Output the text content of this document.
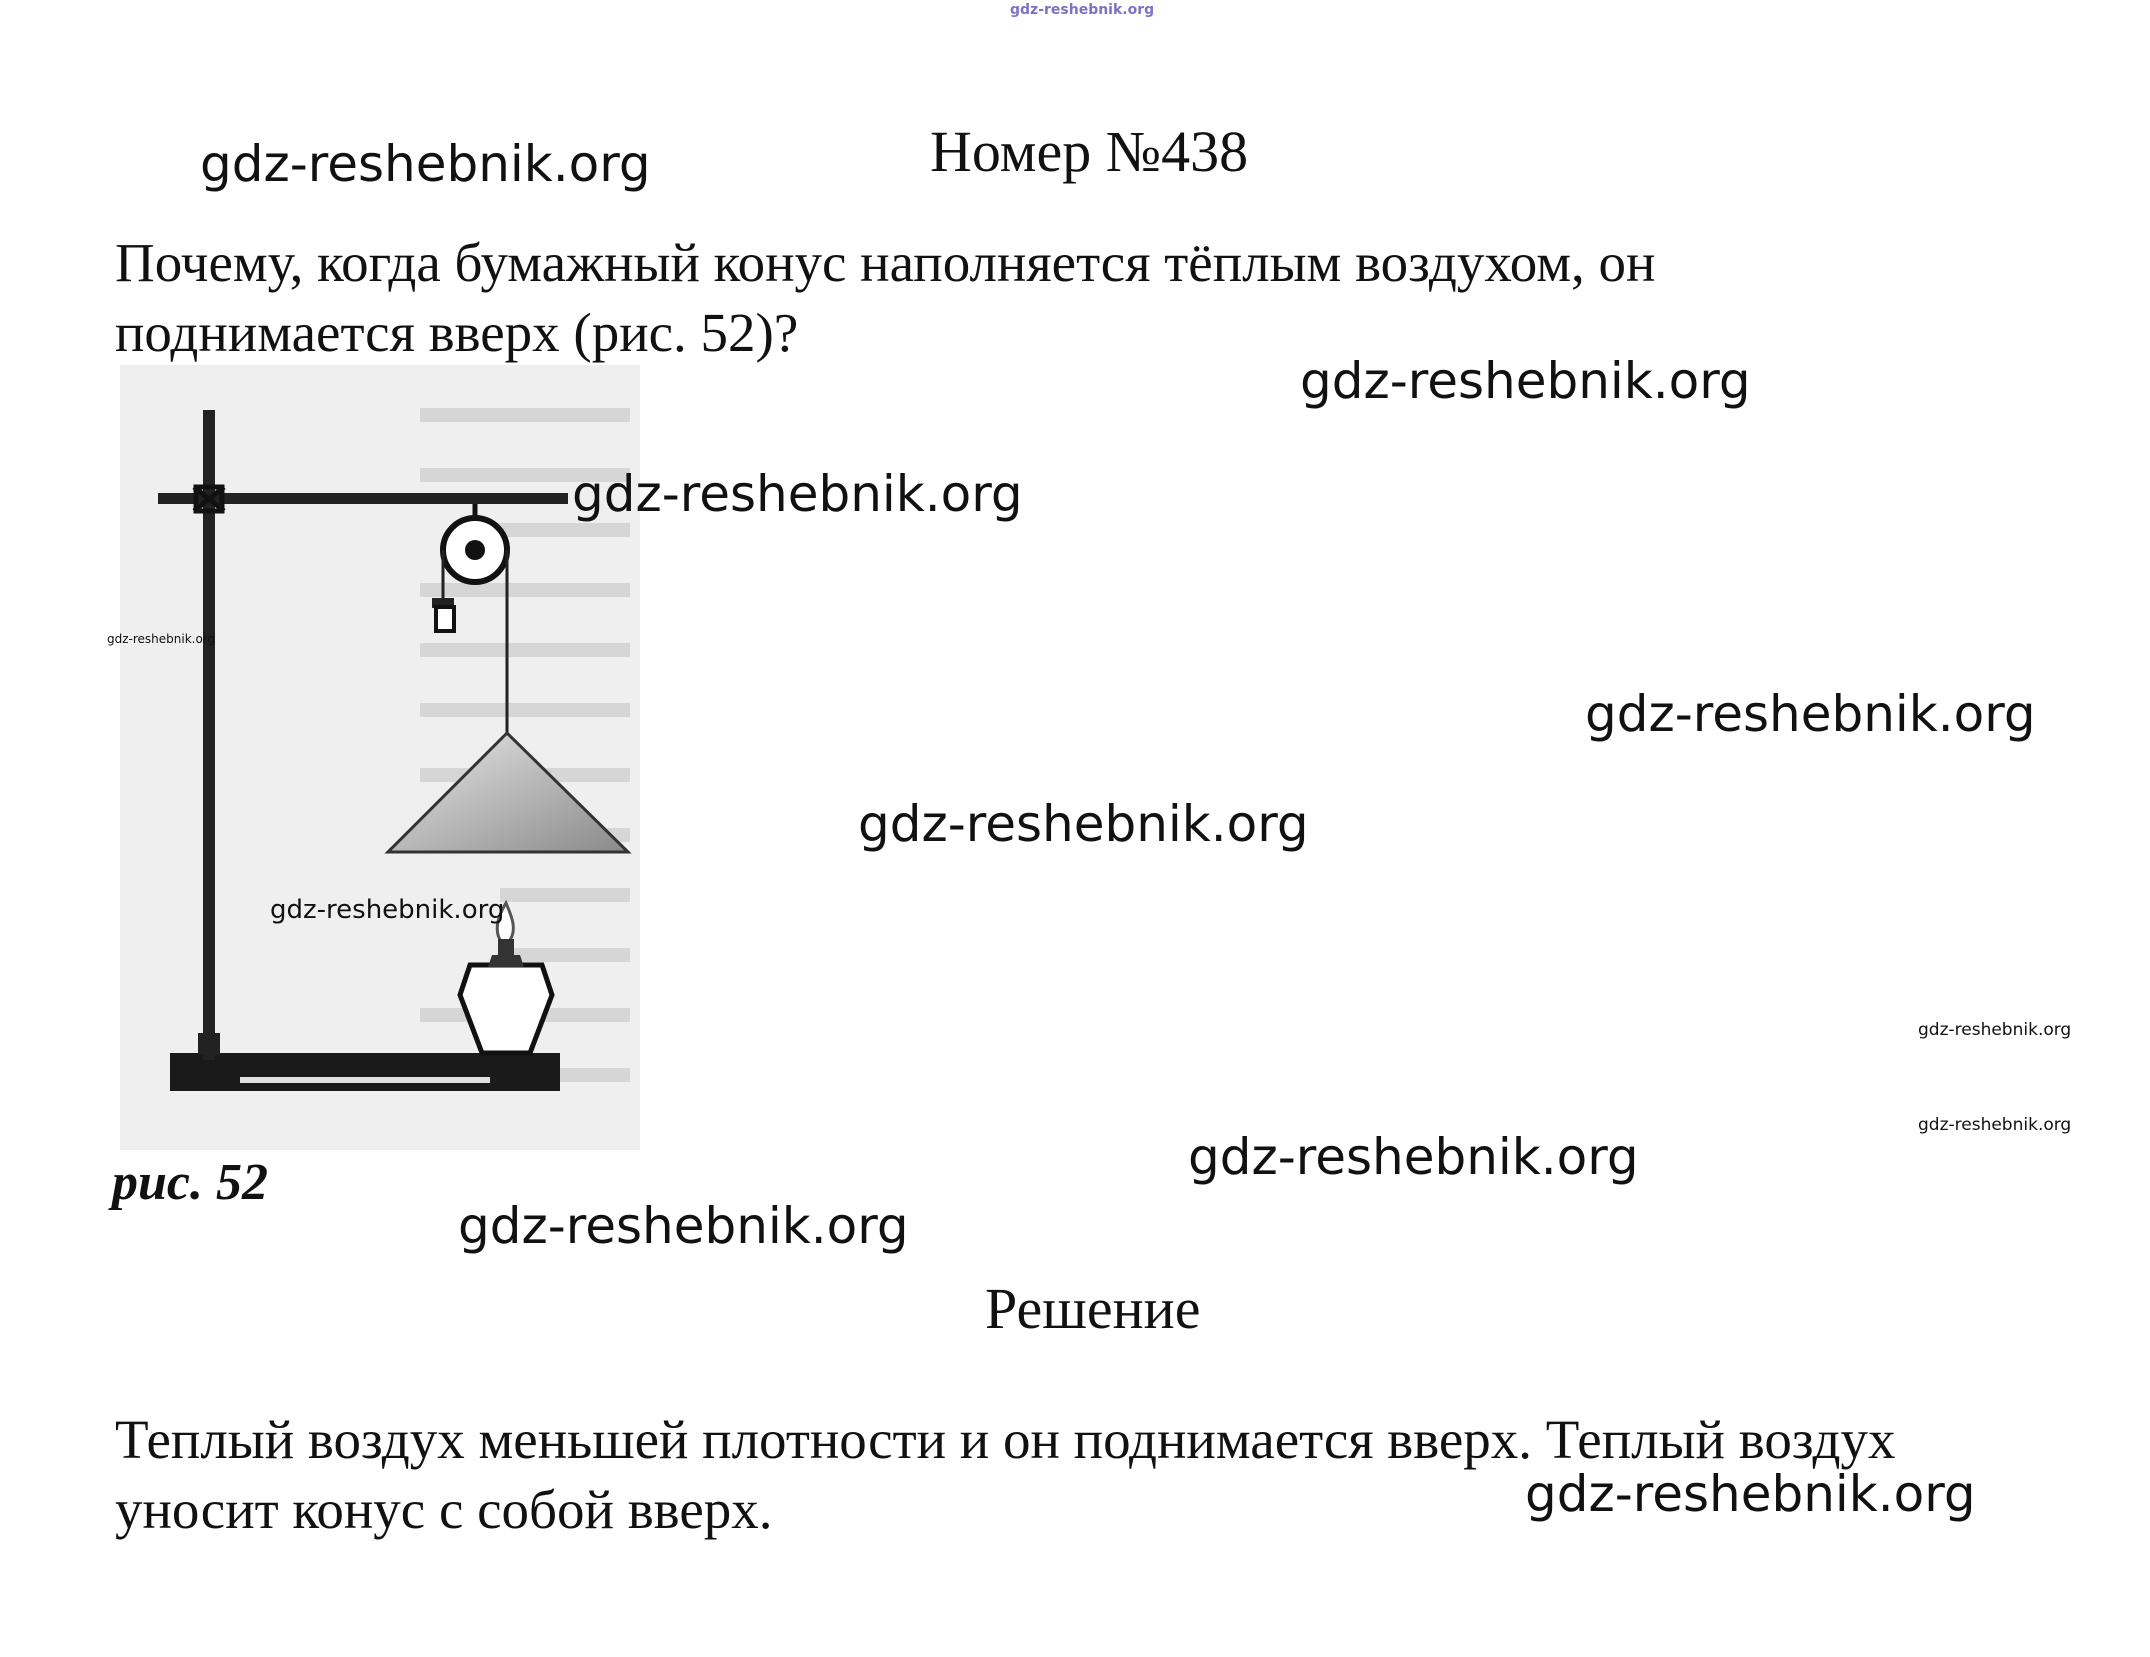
gdz-reshebnik.org
Номер №438
Почему, когда бумажный конус наполняется тёплым воздухом, он
поднимается вверх (рис. 52)?
рис. 52
Решение
Теплый воздух меньшей плотности и он поднимается вверх. Теплый воздух
уносит конус с собой вверх.
gdz-reshebnik.org
gdz-reshebnik.org
gdz-reshebnik.org
gdz-reshebnik.org
gdz-reshebnik.org
gdz-reshebnik.org
gdz-reshebnik.org
gdz-reshebnik.org
gdz-reshebnik.org
gdz-reshebnik.org
gdz-reshebnik.org
gdz-reshebnik.org
